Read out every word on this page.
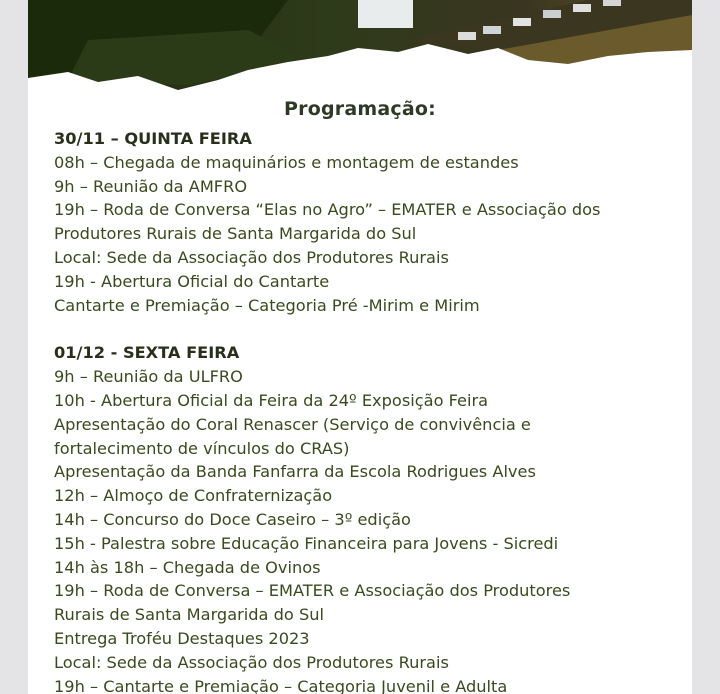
Programação:
30/11 – QUINTA FEIRA
08h – Chegada de maquinários e montagem de estandes
9h – Reunião da AMFRO
19h – Roda de Conversa “Elas no Agro” – EMATER e Associação dos
Produtores Rurais de Santa Margarida do Sul
Local: Sede da Associação dos Produtores Rurais
19h - Abertura Oficial do Cantarte
Cantarte e Premiação – Categoria Pré -Mirim e Mirim
01/12 - SEXTA FEIRA
9h – Reunião da ULFRO
10h - Abertura Oficial da Feira da 24º Exposição Feira
Apresentação do Coral Renascer (Serviço de convivência e
fortalecimento de vínculos do CRAS)
Apresentação da Banda Fanfarra da Escola Rodrigues Alves
12h – Almoço de Confraternização
14h – Concurso do Doce Caseiro – 3º edição
15h - Palestra sobre Educação Financeira para Jovens - Sicredi
14h às 18h – Chegada de Ovinos
19h – Roda de Conversa – EMATER e Associação dos Produtores
Rurais de Santa Margarida do Sul
Entrega Troféu Destaques 2023
Local: Sede da Associação dos Produtores Rurais
19h – Cantarte e Premiação – Categoria Juvenil e Adulta
